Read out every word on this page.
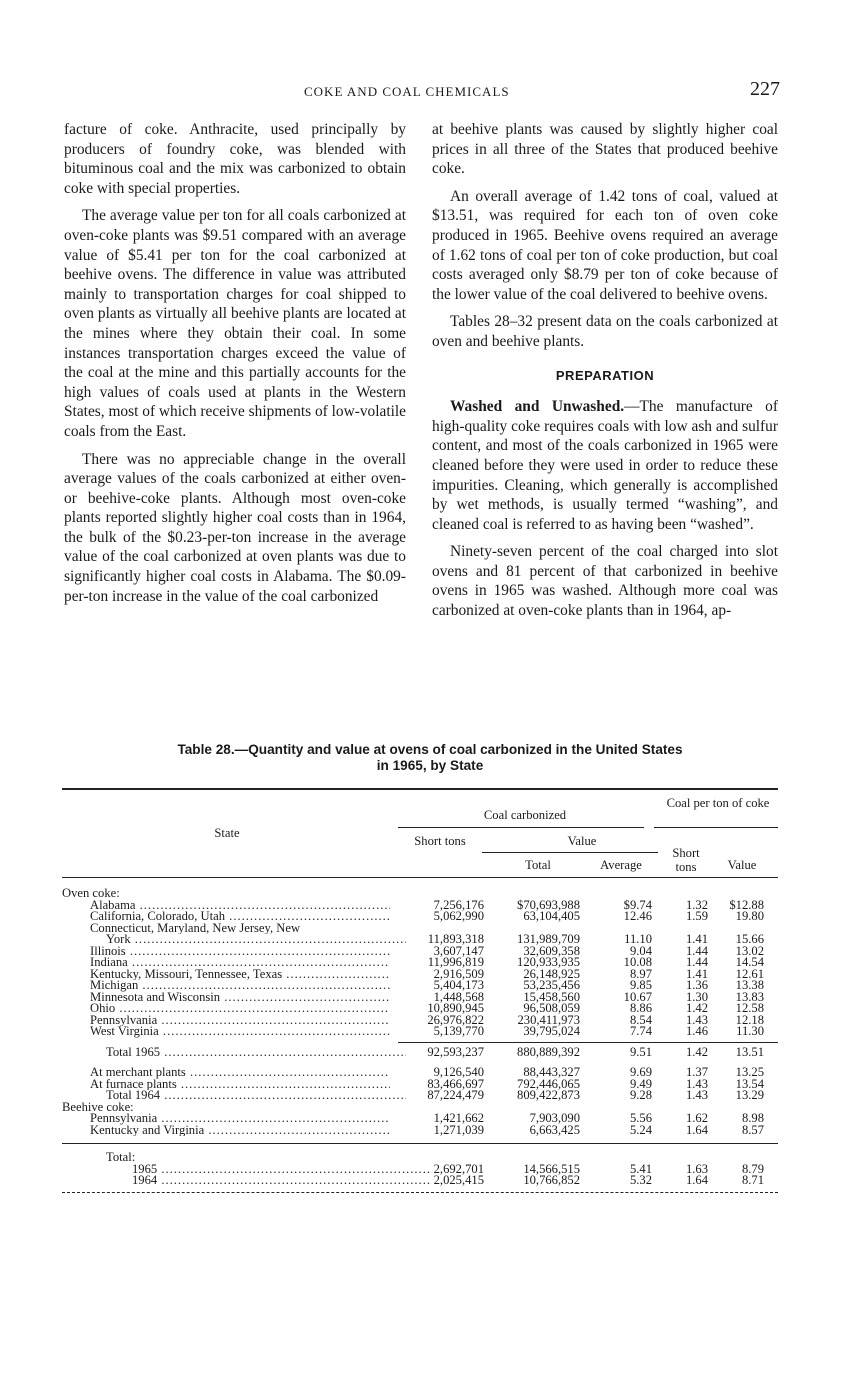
COKE AND COAL CHEMICALS	227

facture of coke. Anthracite, used principally by producers of foundry coke, was blended with bituminous coal and the mix was carbonized to obtain coke with special properties.

The average value per ton for all coals carbonized at oven-coke plants was $9.51 compared with an average value of $5.41 per ton for the coal carbonized at beehive ovens. The difference in value was attributed mainly to transportation charges for coal shipped to oven plants as virtually all beehive plants are located at the mines where they obtain their coal. In some instances transportation charges exceed the value of the coal at the mine and this partially accounts for the high values of coals used at plants in the Western States, most of which receive shipments of low-volatile coals from the East.

There was no appreciable change in the overall average values of the coals carbonized at either oven- or beehive-coke plants. Although most oven-coke plants reported slightly higher coal costs than in 1964, the bulk of the $0.23-per-ton increase in the average value of the coal carbonized at oven plants was due to significantly higher coal costs in Alabama. The $0.09-per-ton increase in the value of the coal carbonized

at beehive plants was caused by slightly higher coal prices in all three of the States that produced beehive coke.

An overall average of 1.42 tons of coal, valued at $13.51, was required for each ton of oven coke produced in 1965. Beehive ovens required an average of 1.62 tons of coal per ton of coke production, but coal costs averaged only $8.79 per ton of coke because of the lower value of the coal delivered to beehive ovens.

Tables 28–32 present data on the coals carbonized at oven and beehive plants.

PREPARATION

Washed and Unwashed.—The manufacture of high-quality coke requires coals with low ash and sulfur content, and most of the coals carbonized in 1965 were cleaned before they were used in order to reduce these impurities. Cleaning, which generally is accomplished by wet methods, is usually termed “washing”, and cleaned coal is referred to as having been “washed”.

Ninety-seven percent of the coal charged into slot ovens and 81 percent of that carbonized in beehive ovens in 1965 was washed. Although more coal was carbonized at oven-coke plants than in 1964, ap-

Table 28.—Quantity and value at ovens of coal carbonized in the United States
in 1965, by State
State
Coal carbonized
Coal per ton of coke
Short tons	Value
Total	Average
Short tons	Value
Oven coke:
Alabama .....	7,256,176	$70,693,988	$9.74	1.32	$12.88
California, Colorado, Utah .....	5,062,990	63,104,405	12.46	1.59	19.80
Connecticut, Maryland, New Jersey, New
York .....	11,893,318	131,989,709	11.10	1.41	15.66
Illinois .....	3,607,147	32,609,358	9.04	1.44	13.02
Indiana .....	11,996,819	120,933,935	10.08	1.44	14.54
Kentucky, Missouri, Tennessee, Texas .....	2,916,509	26,148,925	8.97	1.41	12.61
Michigan .....	5,404,173	53,235,456	9.85	1.36	13.38
Minnesota and Wisconsin .....	1,448,568	15,458,560	10.67	1.30	13.83
Ohio .....	10,890,945	96,508,059	8.86	1.42	12.58
Pennsylvania .....	26,976,822	230,411,973	8.54	1.43	12.18
West Virginia .....	5,139,770	39,795,024	7.74	1.46	11.30
Total 1965 .....	92,593,237	880,889,392	9.51	1.42	13.51
At merchant plants .....	9,126,540	88,443,327	9.69	1.37	13.25
At furnace plants .....	83,466,697	792,446,065	9.49	1.43	13.54
Total 1964 .....	87,224,479	809,422,873	9.28	1.43	13.29
Beehive coke:
Pennsylvania .....	1,421,662	7,903,090	5.56	1.62	8.98
Kentucky and Virginia .....	1,271,039	6,663,425	5.24	1.64	8.57
Total:
1965 .....	2,692,701	14,566,515	5.41	1.63	8.79
1964 .....	2,025,415	10,766,852	5.32	1.64	8.71
